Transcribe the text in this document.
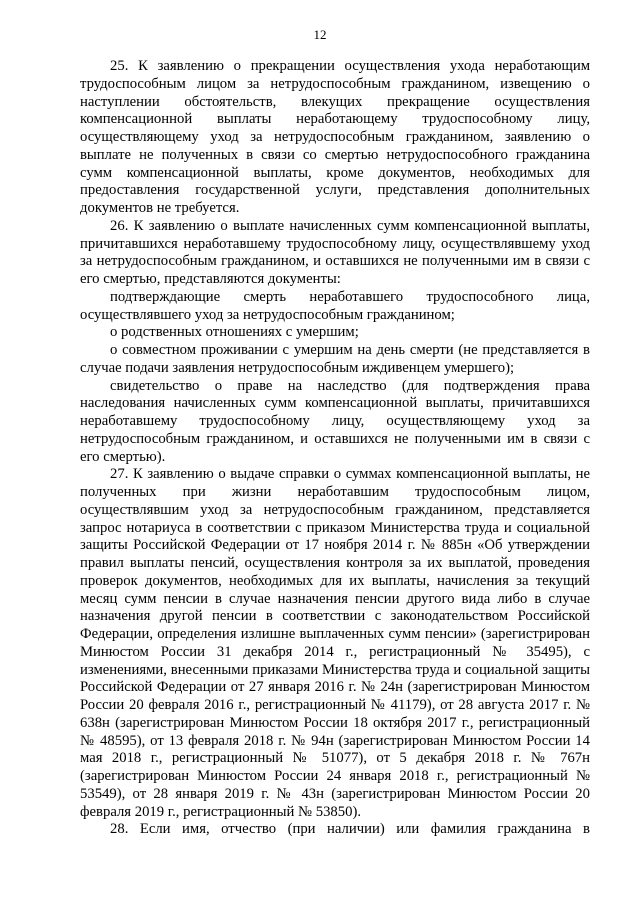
12

25. К заявлению о прекращении осуществления ухода неработающим трудоспособным лицом за нетрудоспособным гражданином, извещению о наступлении обстоятельств, влекущих прекращение осуществления компенсационной выплаты неработающему трудоспособному лицу, осуществляющему уход за нетрудоспособным гражданином, заявлению о выплате не полученных в связи со смертью нетрудоспособного гражданина сумм компенсационной выплаты, кроме документов, необходимых для предоставления государственной услуги, представления дополнительных документов не требуется.

26. К заявлению о выплате начисленных сумм компенсационной выплаты, причитавшихся неработавшему трудоспособному лицу, осуществлявшему уход за нетрудоспособным гражданином, и оставшихся не полученными им в связи с его смертью, представляются документы:

подтверждающие смерть неработавшего трудоспособного лица, осуществлявшего уход за нетрудоспособным гражданином;

о родственных отношениях с умершим;

о совместном проживании с умершим на день смерти (не представляется в случае подачи заявления нетрудоспособным иждивенцем умершего);

свидетельство о праве на наследство (для подтверждения права наследования начисленных сумм компенсационной выплаты, причитавшихся неработавшему трудоспособному лицу, осуществляющему уход за нетрудоспособным гражданином, и оставшихся не полученными им в связи с его смертью).

27. К заявлению о выдаче справки о суммах компенсационной выплаты, не полученных при жизни неработавшим трудоспособным лицом, осуществлявшим уход за нетрудоспособным гражданином, представляется запрос нотариуса в соответствии с приказом Министерства труда и социальной защиты Российской Федерации от 17 ноября 2014 г. № 885н «Об утверждении правил выплаты пенсий, осуществления контроля за их выплатой, проведения проверок документов, необходимых для их выплаты, начисления за текущий месяц сумм пенсии в случае назначения пенсии другого вида либо в случае назначения другой пенсии в соответствии с законодательством Российской Федерации, определения излишне выплаченных сумм пенсии» (зарегистрирован Минюстом России 31 декабря 2014 г., регистрационный № 35495), с изменениями, внесенными приказами Министерства труда и социальной защиты Российской Федерации от 27 января 2016 г. № 24н (зарегистрирован Минюстом России 20 февраля 2016 г., регистрационный № 41179), от 28 августа 2017 г. № 638н (зарегистрирован Минюстом России 18 октября 2017 г., регистрационный № 48595), от 13 февраля 2018 г. № 94н (зарегистрирован Минюстом России 14 мая 2018 г., регистрационный № 51077), от 5 декабря 2018 г. № 767н (зарегистрирован Минюстом России 24 января 2018 г., регистрационный № 53549), от 28 января 2019 г. № 43н (зарегистрирован Минюстом России 20 февраля 2019 г., регистрационный № 53850).

28. Если имя, отчество (при наличии) или фамилия гражданина в
